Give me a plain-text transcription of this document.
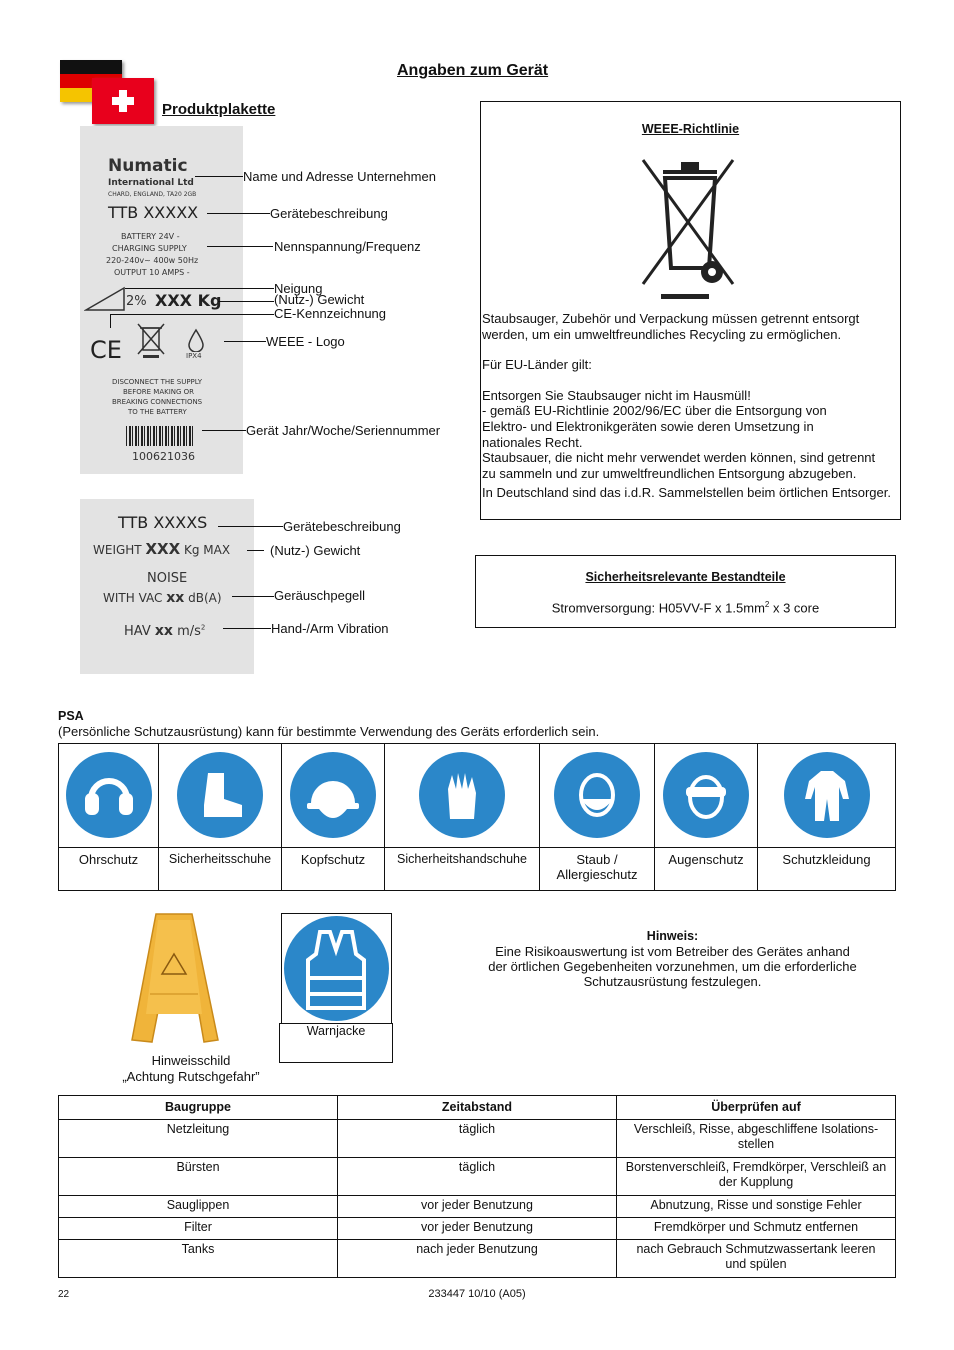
Angaben zum Gerät
Produktplakette
Numatic
International Ltd
CHARD, ENGLAND, TA20 2GB
TTB XXXXX
BATTERY 24V -
CHARGING SUPPLY
220-240v~ 400w 50Hz
OUTPUT 10 AMPS -
2% XXX Kg
CE	IPX4
DISCONNECT THE SUPPLY
BEFORE MAKING OR
BREAKING CONNECTIONS
TO THE BATTERY
100621036
Name und Adresse Unternehmen
Gerätebeschreibung
Nennspannung/Frequenz
Neigung
(Nutz-) Gewicht
CE-Kennzeichnung
WEEE - Logo
Gerät Jahr/Woche/Seriennummer
TTB XXXXS
WEIGHT XXX Kg MAX
NOISE
WITH VAC xx dB(A)
HAV xx $m/s^2$
Gerätebeschreibung
(Nutz-) Gewicht
Geräuschpegell
Hand-/Arm Vibration
WEEE-Richtlinie

Staubsauger, Zubehör und Verpackung müssen getrennt entsorgt werden, um ein umweltfreundliches Recycling zu ermöglichen.

Für EU-Länder gilt:

Entsorgen Sie Staubsauger nicht im Hausmüll!

- gemäß EU-Richtlinie 2002/96/EC über die Entsorgung von

Elektro- und Elektronikgeräten sowie deren Umsetzung in

nationales Recht.

Staubsauer, die nicht mehr verwendet werden können, sind getrennt

zu sammeln und zur umweltfreundlichen Entsorgung abzugeben.

In Deutschland sind das i.d.R. Sammelstellen beim örtlichen Entsorger.

Sicherheitsrelevante Bestandteile
Stromversorgung: H05VV-F x $1.5mm^2$ x 3 core
PSA
(Persönliche Schutzausrüstung) kann für bestimmte Verwendung des Geräts erforderlich sein.

Ohrschutz	Sicherheitsschuhe	Kopfschutz	Sicherheitshandschuhe	Staub / Allergieschutz	Augenschutz	Schutzkleidung
Hinweisschild
„Achtung Rutschgefahr”
Warnjacke
Hinweis:
Eine Risikoauswertung ist vom Betreiber des Gerätes anhand
der örtlichen Gegebenheiten vorzunehmen, um die erforderliche
Schutzausrüstung festzulegen.
Baugruppe	Zeitabstand	Überprüfen auf
Netzleitung	täglich	Verschleiß, Risse, abgeschliffene Isolations-stellen
Bürsten	täglich	Borstenverschleiß, Fremdkörper, Verschleiß an der Kupplung
Sauglippen	vor jeder Benutzung	Abnutzung, Risse und sonstige Fehler
Filter	vor jeder Benutzung	Fremdkörper und Schmutz entfernen
Tanks	nach jeder Benutzung	nach Gebrauch Schmutzwassertank leeren und spülen
22	233447 10/10 (A05)
